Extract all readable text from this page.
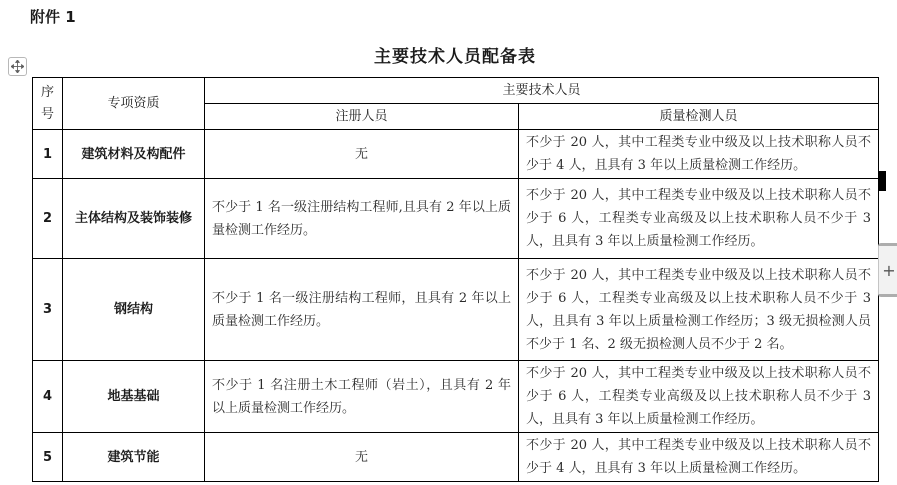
附件 1
主要技术人员配备表
序号	专项资质	主要技术人员	
		注册人员	质量检测人员
1	建筑材料及构配件	无	不少于 20 人，其中工程类专业中级及以上技术职称人员不少于 4 人，且具有 3 年以上质量检测工作经历。
2	主体结构及装饰装修	不少于 1 名一级注册结构工程师,且具有 2 年以上质量检测工作经历。	不少于 20 人，其中工程类专业中级及以上技术职称人员不少于 6 人，工程类专业高级及以上技术职称人员不少于 3 人，且具有 3 年以上质量检测工作经历。
3	钢结构	不少于 1 名一级注册结构工程师，且具有 2 年以上质量检测工作经历。	不少于 20 人，其中工程类专业中级及以上技术职称人员不少于 6 人，工程类专业高级及以上技术职称人员不少于 3 人，且具有 3 年以上质量检测工作经历；3 级无损检测人员不少于 1 名、2 级无损检测人员不少于 2 名。
4	地基基础	不少于 1 名注册土木工程师（岩土），且具有 2 年以上质量检测工作经历。	不少于 20 人，其中工程类专业中级及以上技术职称人员不少于 6 人，工程类专业高级及以上技术职称人员不少于 3 人，且具有 3 年以上质量检测工作经历。
5	建筑节能	无	不少于 20 人，其中工程类专业中级及以上技术职称人员不少于 4 人，且具有 3 年以上质量检测工作经历。
+
